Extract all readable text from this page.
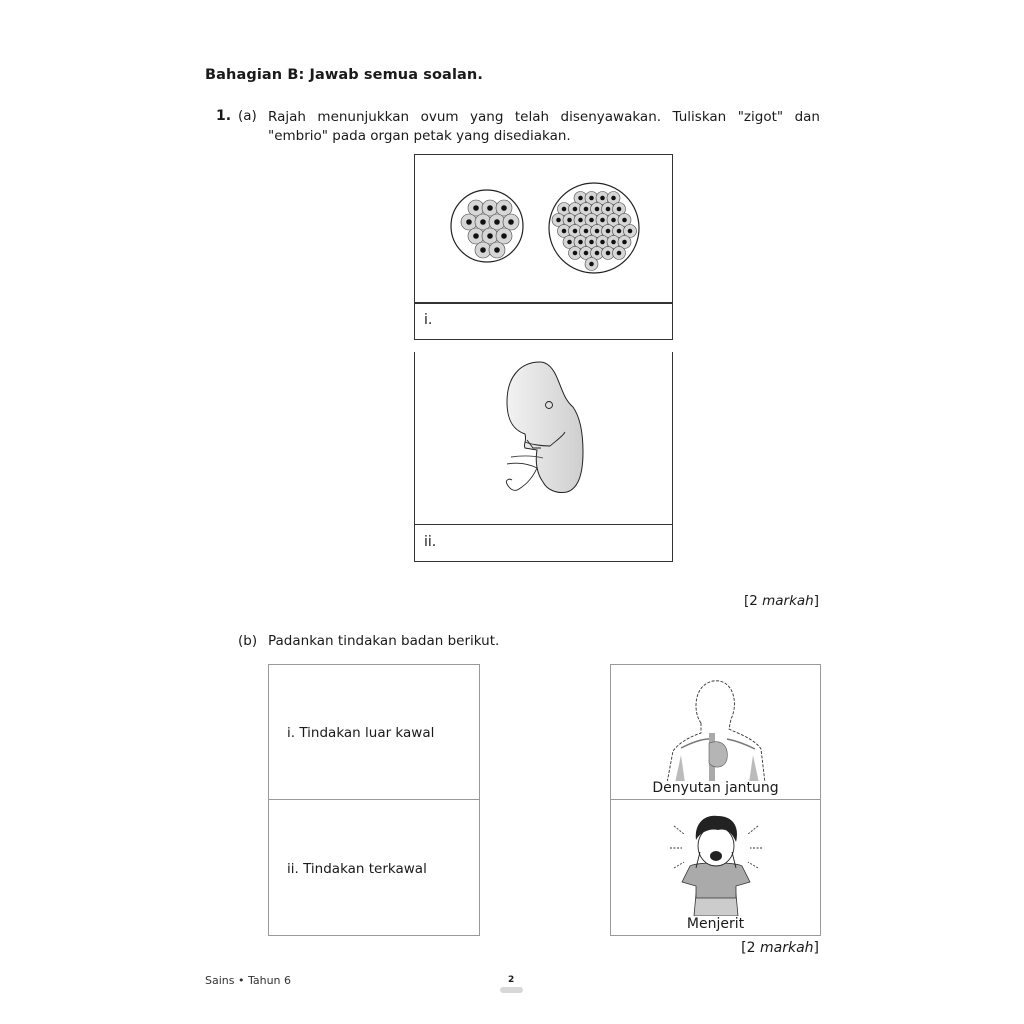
Bahagian B: Jawab semua soalan.
1. (a) Rajah menunjukkan ovum yang telah disenyawakan. Tuliskan "zigot" dan "embrio" pada organ petak yang disediakan.
i.
ii.
[2 markah]
(b) Padankan tindakan badan berikut.
i. Tindakan luar kawal
ii. Tindakan terkawal
Denyutan jantung
Menjerit
[2 markah]
Sains • Tahun 6	2
